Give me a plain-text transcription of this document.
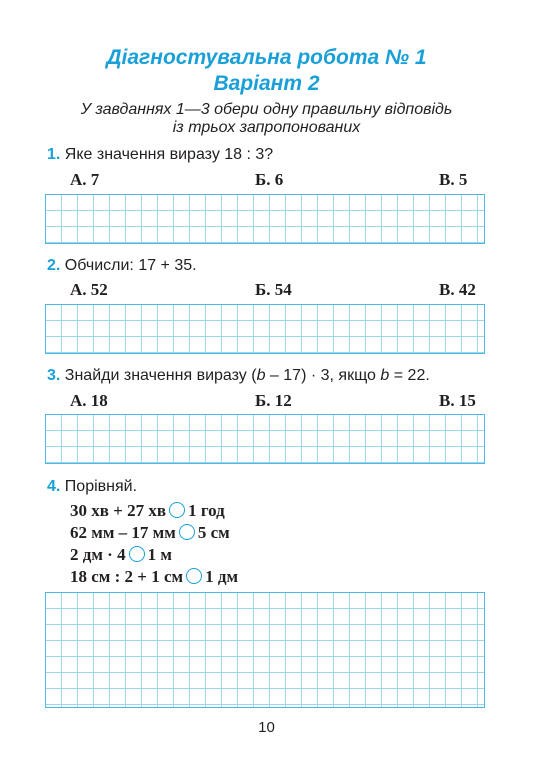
Діагностувальна робота № 1
Варіант 2
У завданнях 1—3 обери одну правильну відповідь
із трьох запропонованих
1. Яке значення виразу 18 : 3?
А. 7	Б. 6	В. 5
2. Обчисли: 17 + 35.
А. 52	Б. 54	В. 42
3. Знайди значення виразу (b – 17) · 3, якщо b = 22.
А. 18	Б. 12	В. 15
4. Порівняй.
30 хв + 27 хв 1 год
62 мм – 17 мм 5 см
2 дм · 4 1 м
18 см : 2 + 1 см 1 дм
10
